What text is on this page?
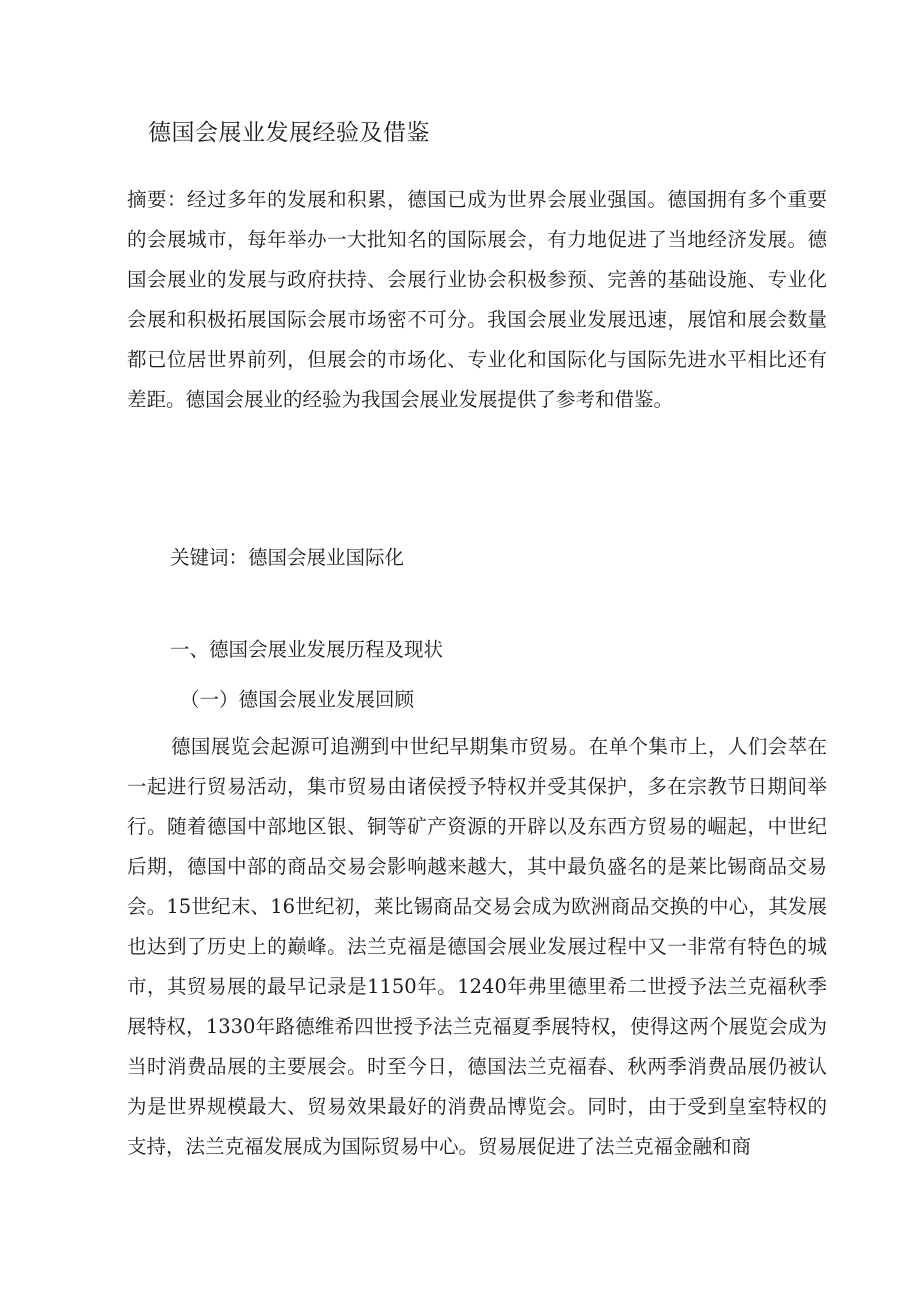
德国会展业发展经验及借鉴

摘要：经过多年的发展和积累，德国已成为世界会展业强国。德国拥有多个重要的会展城市，每年举办一大批知名的国际展会，有力地促进了当地经济发展。德国会展业的发展与政府扶持、会展行业协会积极参预、完善的基础设施、专业化会展和积极拓展国际会展市场密不可分。我国会展业发展迅速，展馆和展会数量都已位居世界前列，但展会的市场化、专业化和国际化与国际先进水平相比还有差距。德国会展业的经验为我国会展业发展提供了参考和借鉴。

关键词：德国会展业国际化

一、德国会展业发展历程及现状
（一）德国会展业发展回顾

德国展览会起源可追溯到中世纪早期集市贸易。在单个集市上，人们会萃在一起进行贸易活动，集市贸易由诸侯授予特权并受其保护，多在宗教节日期间举行。随着德国中部地区银、铜等矿产资源的开辟以及东西方贸易的崛起，中世纪后期，德国中部的商品交易会影响越来越大，其中最负盛名的是莱比锡商品交易会。15世纪末、16世纪初，莱比锡商品交易会成为欧洲商品交换的中心，其发展也达到了历史上的巅峰。法兰克福是德国会展业发展过程中又一非常有特色的城市，其贸易展的最早记录是1150年。1240年弗里德里希二世授予法兰克福秋季展特权，1330年路德维希四世授予法兰克福夏季展特权，使得这两个展览会成为当时消费品展的主要展会。时至今日，德国法兰克福春、秋两季消费品展仍被认为是世界规模最大、贸易效果最好的消费品博览会。同时，由于受到皇室特权的支持，法兰克福发展成为国际贸易中心。贸易展促进了法兰克福金融和商
